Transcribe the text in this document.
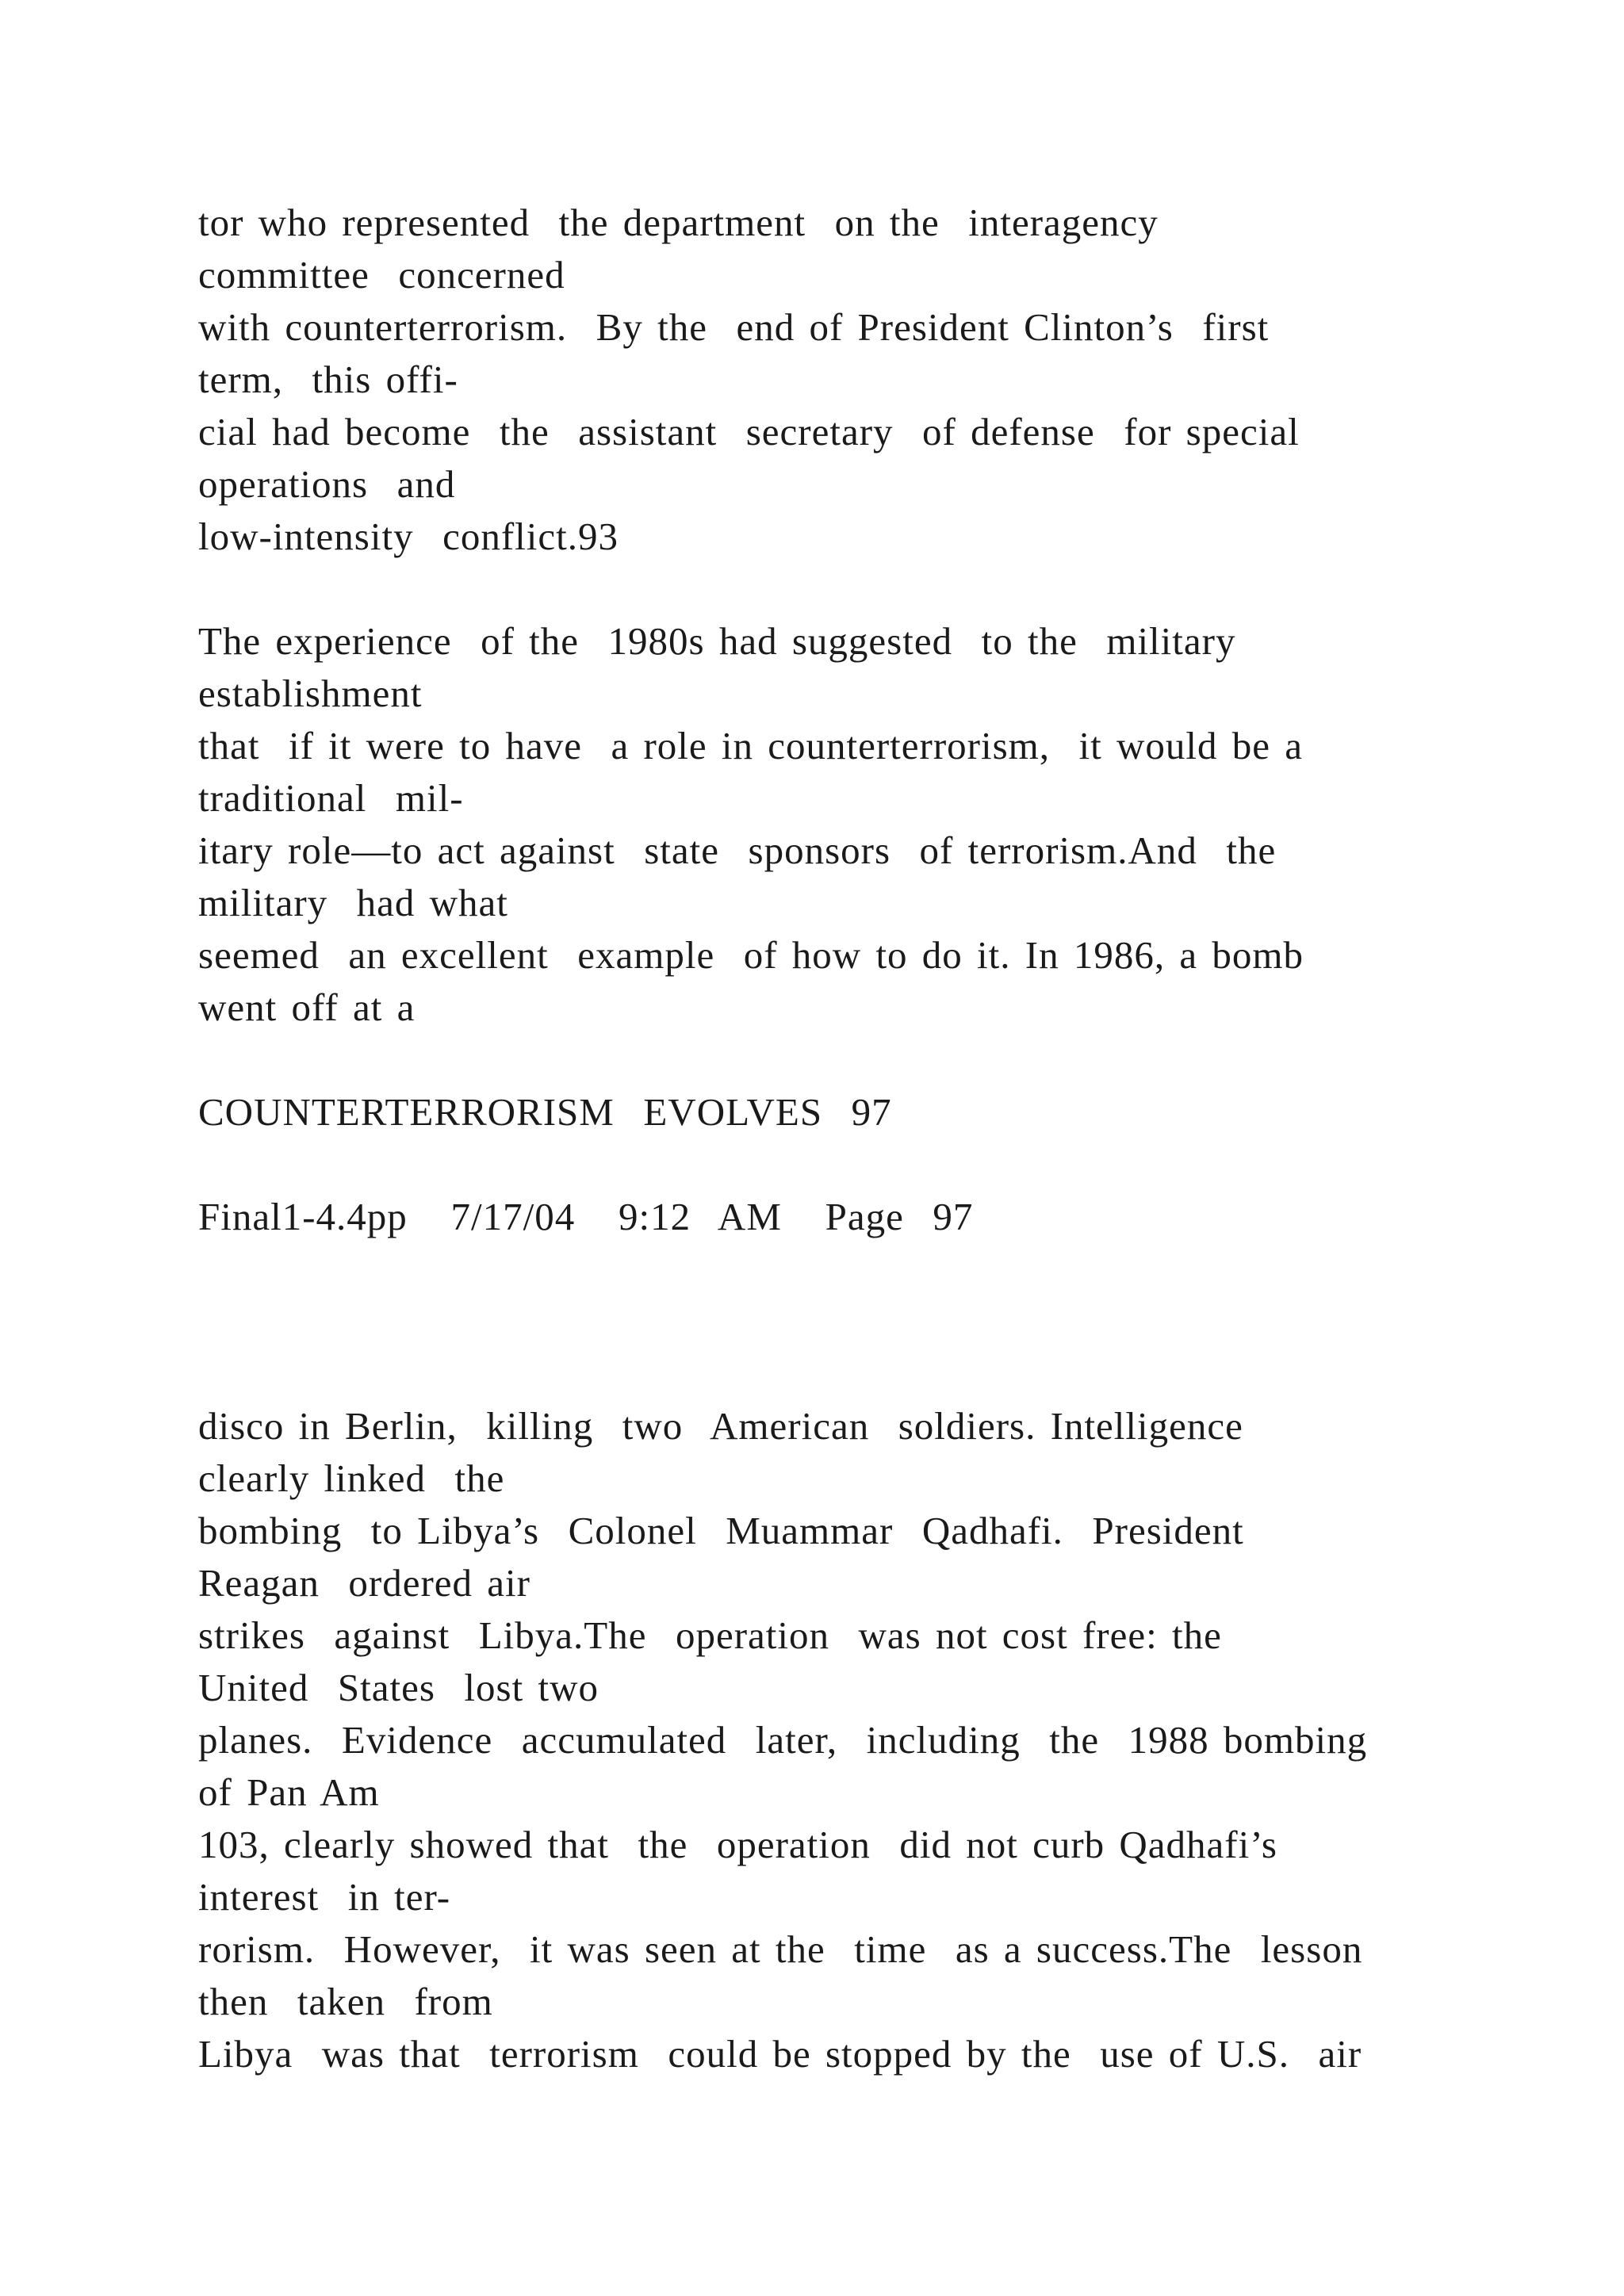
tor who represented  the department  on the  interagency
committee  concerned
with counterterrorism.  By the  end of President Clinton’s  first
term,  this offi-
cial had become  the  assistant  secretary  of defense  for special
operations  and
low-intensity  conflict.93
The experience  of the  1980s had suggested  to the  military
establishment
that  if it were to have  a role in counterterrorism,  it would be a
traditional  mil-
itary role—to act against  state  sponsors  of terrorism.And  the
military  had what
seemed  an excellent  example  of how to do it. In 1986, a bomb
went off at a
COUNTERTERRORISM  EVOLVES  97
Final1-4.4pp   7/17/04   9:12  AM   Page  97
disco in Berlin,  killing  two  American  soldiers. Intelligence
clearly linked  the
bombing  to Libya’s  Colonel  Muammar  Qadhafi.  President
Reagan  ordered air
strikes  against  Libya.The  operation  was not cost free: the
United  States  lost two
planes.  Evidence  accumulated  later,  including  the  1988 bombing
of Pan Am
103, clearly showed that  the  operation  did not curb Qadhafi’s
interest  in ter-
rorism.  However,  it was seen at the  time  as a success.The  lesson
then  taken  from
Libya  was that  terrorism  could be stopped by the  use of U.S.  air
